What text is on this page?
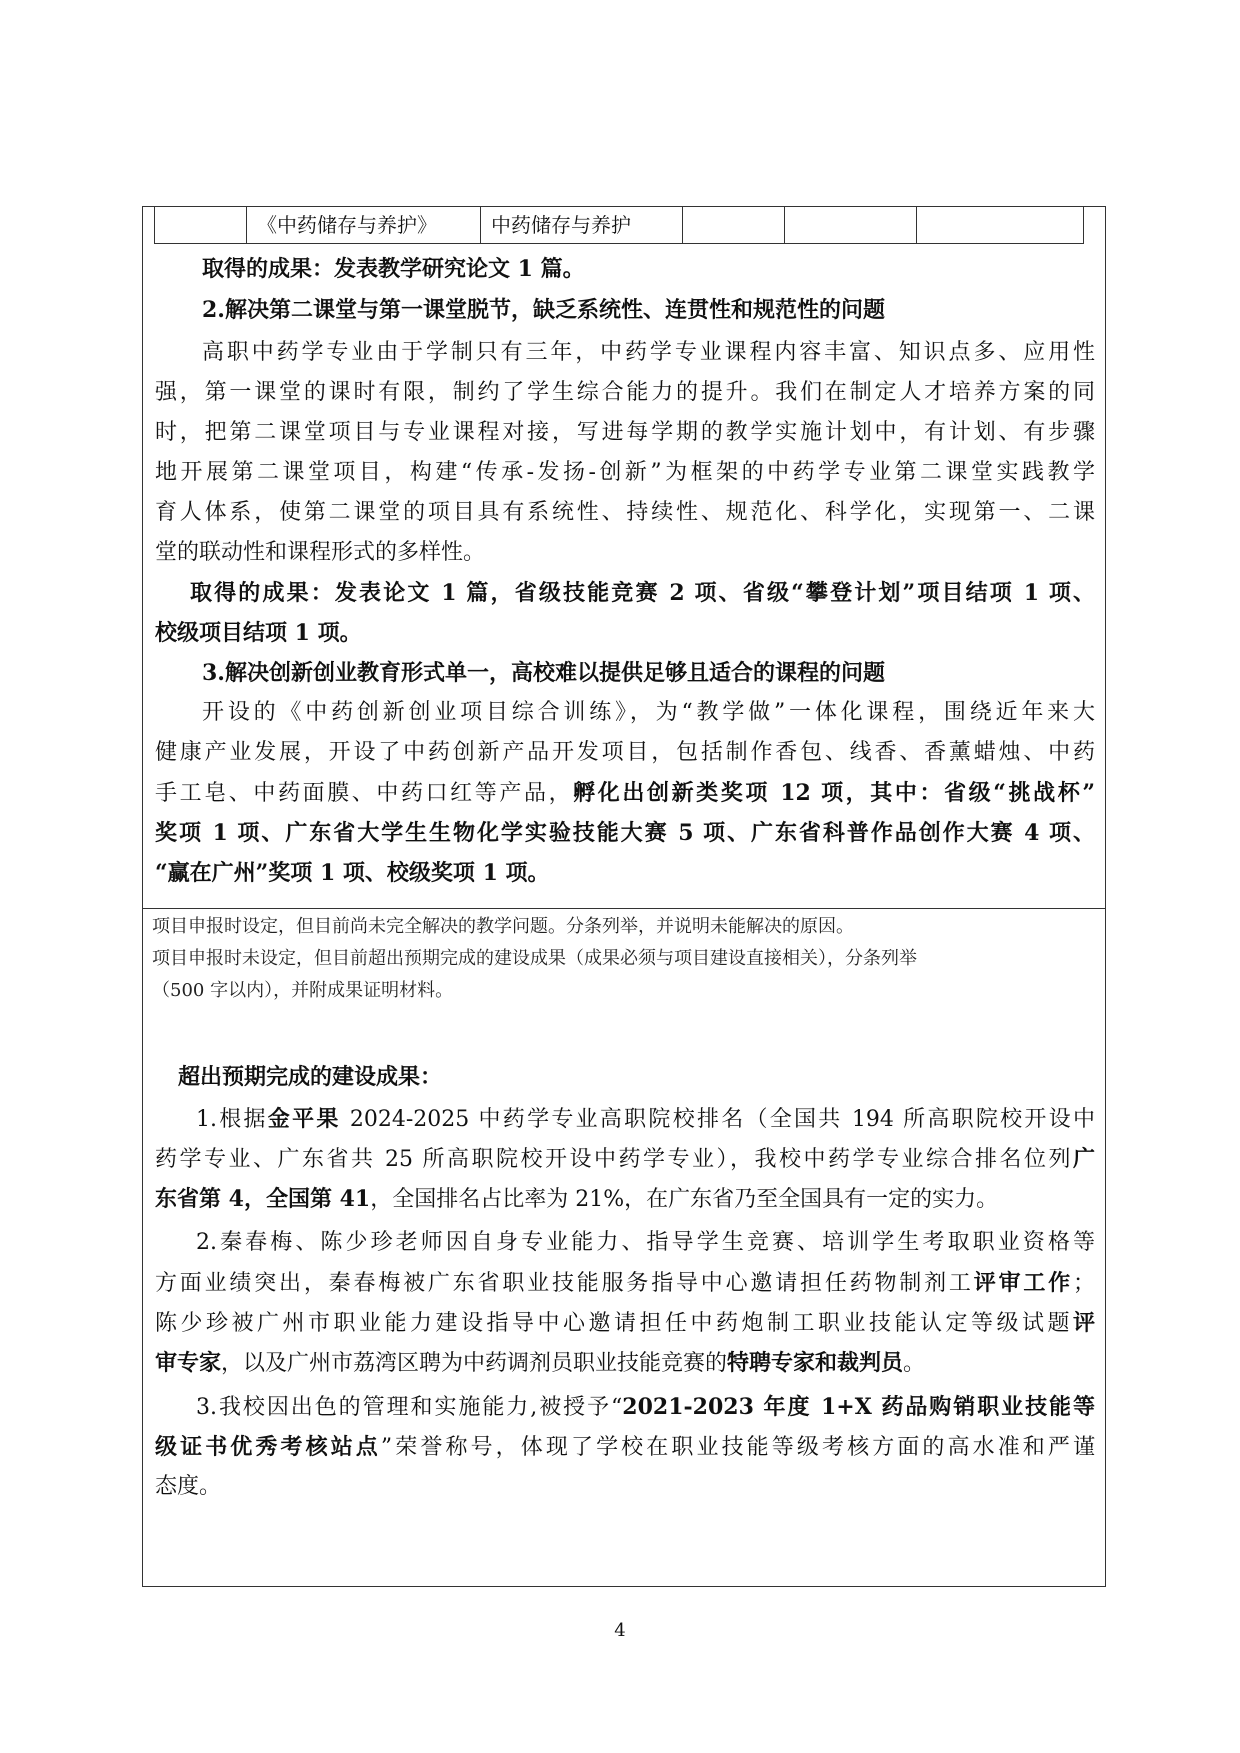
《中药储存与养护》	中药储存与养护
取得的成果：发表教学研究论文 1 篇。
2.解决第二课堂与第一课堂脱节，缺乏系统性、连贯性和规范性的问题
高职中药学专业由于学制只有三年，中药学专业课程内容丰富、知识点多、应用性
强，第一课堂的课时有限，制约了学生综合能力的提升。我们在制定人才培养方案的同
时，把第二课堂项目与专业课程对接，写进每学期的教学实施计划中，有计划、有步骤
地开展第二课堂项目，构建“传承-发扬-创新”为框架的中药学专业第二课堂实践教学
育人体系，使第二课堂的项目具有系统性、持续性、规范化、科学化，实现第一、二课
堂的联动性和课程形式的多样性。
取得的成果：发表论文 1 篇，省级技能竞赛 2 项、省级“攀登计划”项目结项 1 项、
校级项目结项 1 项。
3.解决创新创业教育形式单一，高校难以提供足够且适合的课程的问题
开设的《中药创新创业项目综合训练》，为“教学做”一体化课程，围绕近年来大
健康产业发展，开设了中药创新产品开发项目，包括制作香包、线香、香薰蜡烛、中药
手工皂、中药面膜、中药口红等产品，孵化出创新类奖项 12 项，其中：省级“挑战杯”
奖项 1 项、广东省大学生生物化学实验技能大赛 5 项、广东省科普作品创作大赛 4 项、
“赢在广州”奖项 1 项、校级奖项 1 项。
项目申报时设定，但目前尚未完全解决的教学问题。分条列举，并说明未能解决的原因。
项目申报时未设定，但目前超出预期完成的建设成果（成果必须与项目建设直接相关），分条列举
（500 字以内），并附成果证明材料。
超出预期完成的建设成果：
1.根据金平果 2024-2025 中药学专业高职院校排名（全国共 194 所高职院校开设中
药学专业、广东省共 25 所高职院校开设中药学专业），我校中药学专业综合排名位列广
东省第 4，全国第 41，全国排名占比率为 21%，在广东省乃至全国具有一定的实力。
2.秦春梅、陈少珍老师因自身专业能力、指导学生竞赛、培训学生考取职业资格等
方面业绩突出，秦春梅被广东省职业技能服务指导中心邀请担任药物制剂工评审工作；
陈少珍被广州市职业能力建设指导中心邀请担任中药炮制工职业技能认定等级试题评
审专家，以及广州市荔湾区聘为中药调剂员职业技能竞赛的特聘专家和裁判员。
3.我校因出色的管理和实施能力,被授予“2021-2023 年度 1+X 药品购销职业技能等
级证书优秀考核站点”荣誉称号，体现了学校在职业技能等级考核方面的高水准和严谨
态度。
4
